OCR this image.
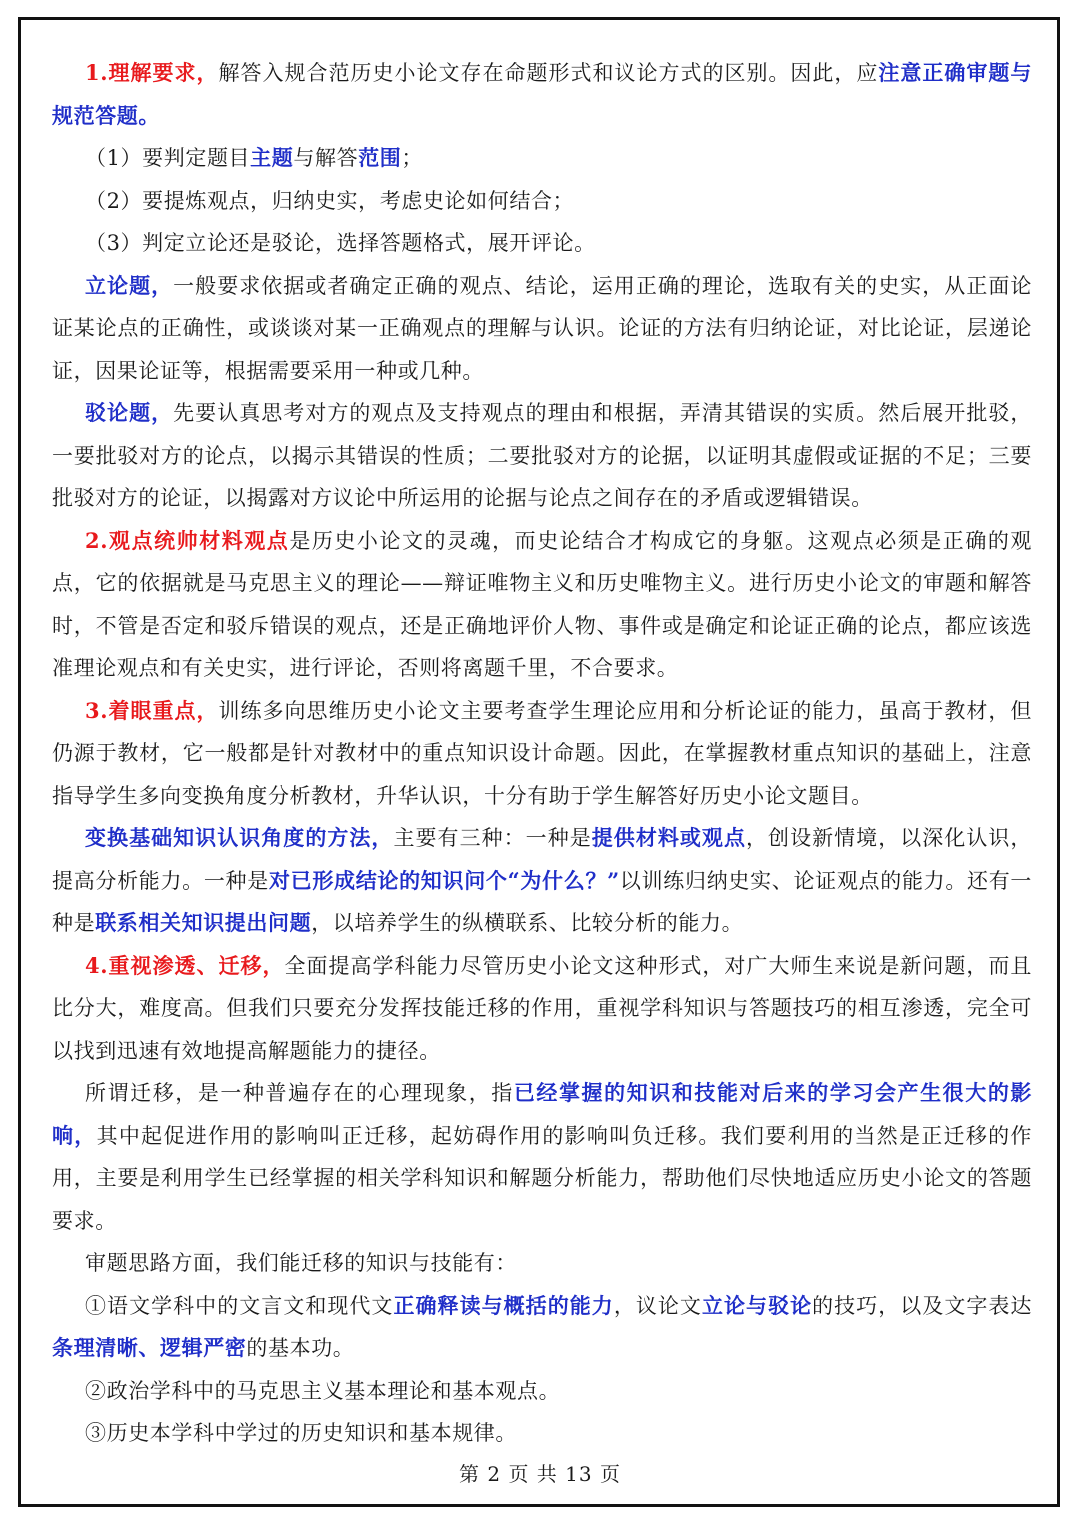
1.理解要求，解答入规合范历史小论文存在命题形式和议论方式的区别。因此，应注意正确审题与规范答题。

（1）要判定题目主题与解答范围；

（2）要提炼观点，归纳史实，考虑史论如何结合；

（3）判定立论还是驳论，选择答题格式，展开评论。

立论题，一般要求依据或者确定正确的观点、结论，运用正确的理论，选取有关的史实，从正面论证某论点的正确性，或谈谈对某一正确观点的理解与认识。论证的方法有归纳论证，对比论证，层递论证，因果论证等，根据需要采用一种或几种。

驳论题，先要认真思考对方的观点及支持观点的理由和根据，弄清其错误的实质。然后展开批驳，一要批驳对方的论点，以揭示其错误的性质；二要批驳对方的论据，以证明其虚假或证据的不足；三要批驳对方的论证，以揭露对方议论中所运用的论据与论点之间存在的矛盾或逻辑错误。

2.观点统帅材料观点是历史小论文的灵魂，而史论结合才构成它的身躯。这观点必须是正确的观点，它的依据就是马克思主义的理论——辩证唯物主义和历史唯物主义。进行历史小论文的审题和解答时，不管是否定和驳斥错误的观点，还是正确地评价人物、事件或是确定和论证正确的论点，都应该选准理论观点和有关史实，进行评论，否则将离题千里，不合要求。

3.着眼重点，训练多向思维历史小论文主要考查学生理论应用和分析论证的能力，虽高于教材，但仍源于教材，它一般都是针对教材中的重点知识设计命题。因此，在掌握教材重点知识的基础上，注意指导学生多向变换角度分析教材，升华认识，十分有助于学生解答好历史小论文题目。

变换基础知识认识角度的方法，主要有三种：一种是提供材料或观点，创设新情境，以深化认识，提高分析能力。一种是对已形成结论的知识问个“为什么？”以训练归纳史实、论证观点的能力。还有一种是联系相关知识提出问题，以培养学生的纵横联系、比较分析的能力。

4.重视渗透、迁移，全面提高学科能力尽管历史小论文这种形式，对广大师生来说是新问题，而且比分大，难度高。但我们只要充分发挥技能迁移的作用，重视学科知识与答题技巧的相互渗透，完全可以找到迅速有效地提高解题能力的捷径。

所谓迁移，是一种普遍存在的心理现象，指已经掌握的知识和技能对后来的学习会产生很大的影响，其中起促进作用的影响叫正迁移，起妨碍作用的影响叫负迁移。我们要利用的当然是正迁移的作用，主要是利用学生已经掌握的相关学科知识和解题分析能力，帮助他们尽快地适应历史小论文的答题要求。

审题思路方面，我们能迁移的知识与技能有：

①语文学科中的文言文和现代文正确释读与概括的能力，议论文立论与驳论的技巧，以及文字表达条理清晰、逻辑严密的基本功。

②政治学科中的马克思主义基本理论和基本观点。

③历史本学科中学过的历史知识和基本规律。

第 2 页 共 13 页
